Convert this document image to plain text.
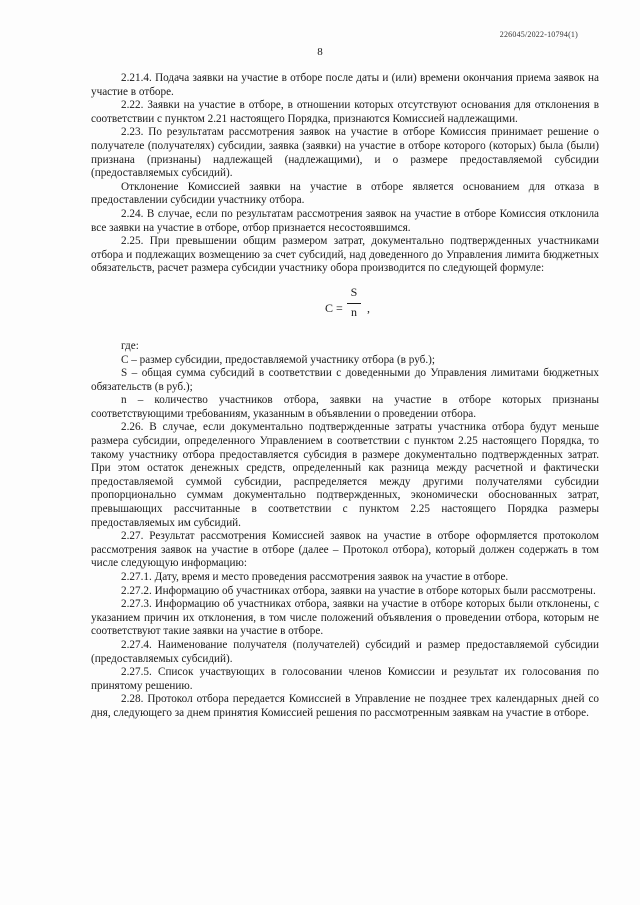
226045/2022-10794(1)
8

2.21.4. Подача заявки на участие в отборе после даты и (или) времени окончания приема заявок на участие в отборе.

2.22. Заявки на участие в отборе, в отношении которых отсутствуют основания для отклонения в соответствии с пунктом 2.21 настоящего Порядка, признаются Комиссией надлежащими.

2.23. По результатам рассмотрения заявок на участие в отборе Комиссия принимает решение о получателе (получателях) субсидии, заявка (заявки) на участие в отборе которого (которых) была (были) признана (признаны) надлежащей (надлежащими), и о размере предоставляемой субсидии (предоставляемых субсидий).

Отклонение Комиссией заявки на участие в отборе является основанием для отказа в предоставлении субсидии участнику отбора.

2.24. В случае, если по результатам рассмотрения заявок на участие в отборе Комиссия отклонила все заявки на участие в отборе, отбор признается несостоявшимся.

2.25. При превышении общим размером затрат, документально подтвержденных участниками отбора и подлежащих возмещению за счет субсидий, над доведенного до Управления лимита бюджетных обязательств, расчет размера субсидии участнику обора производится по следующей формуле:

C =
S
n ,

где:

С – размер субсидии, предоставляемой участнику отбора (в руб.);

S – общая сумма субсидий в соответствии с доведенными до Управления лимитами бюджетных обязательств (в руб.);

n – количество участников отбора, заявки на участие в отборе которых признаны соответствующими требованиям, указанным в объявлении о проведении отбора.

2.26. В случае, если документально подтвержденные затраты участника отбора будут меньше размера субсидии, определенного Управлением в соответствии с пунктом 2.25 настоящего Порядка, то такому участнику отбора предоставляется субсидия в размере документально подтвержденных затрат. При этом остаток денежных средств, определенный как разница между расчетной и фактически предоставляемой суммой субсидии, распределяется между другими получателями субсидии пропорционально суммам документально подтвержденных, экономически обоснованных затрат, превышающих рассчитанные в соответствии с пунктом 2.25 настоящего Порядка размеры предоставляемых им субсидий.

2.27. Результат рассмотрения Комиссией заявок на участие в отборе оформляется протоколом рассмотрения заявок на участие в отборе (далее – Протокол отбора), который должен содержать в том числе следующую информацию:

2.27.1. Дату, время и место проведения рассмотрения заявок на участие в отборе.

2.27.2. Информацию об участниках отбора, заявки на участие в отборе которых были рассмотрены.

2.27.3. Информацию об участниках отбора, заявки на участие в отборе которых были отклонены, с указанием причин их отклонения, в том числе положений объявления о проведении отбора, которым не соответствуют такие заявки на участие в отборе.

2.27.4. Наименование получателя (получателей) субсидий и размер предоставляемой субсидии (предоставляемых субсидий).

2.27.5. Список участвующих в голосовании членов Комиссии и результат их голосования по принятому решению.

2.28. Протокол отбора передается Комиссией в Управление не позднее трех календарных дней со дня, следующего за днем принятия Комиссией решения по рассмотренным заявкам на участие в отборе.
